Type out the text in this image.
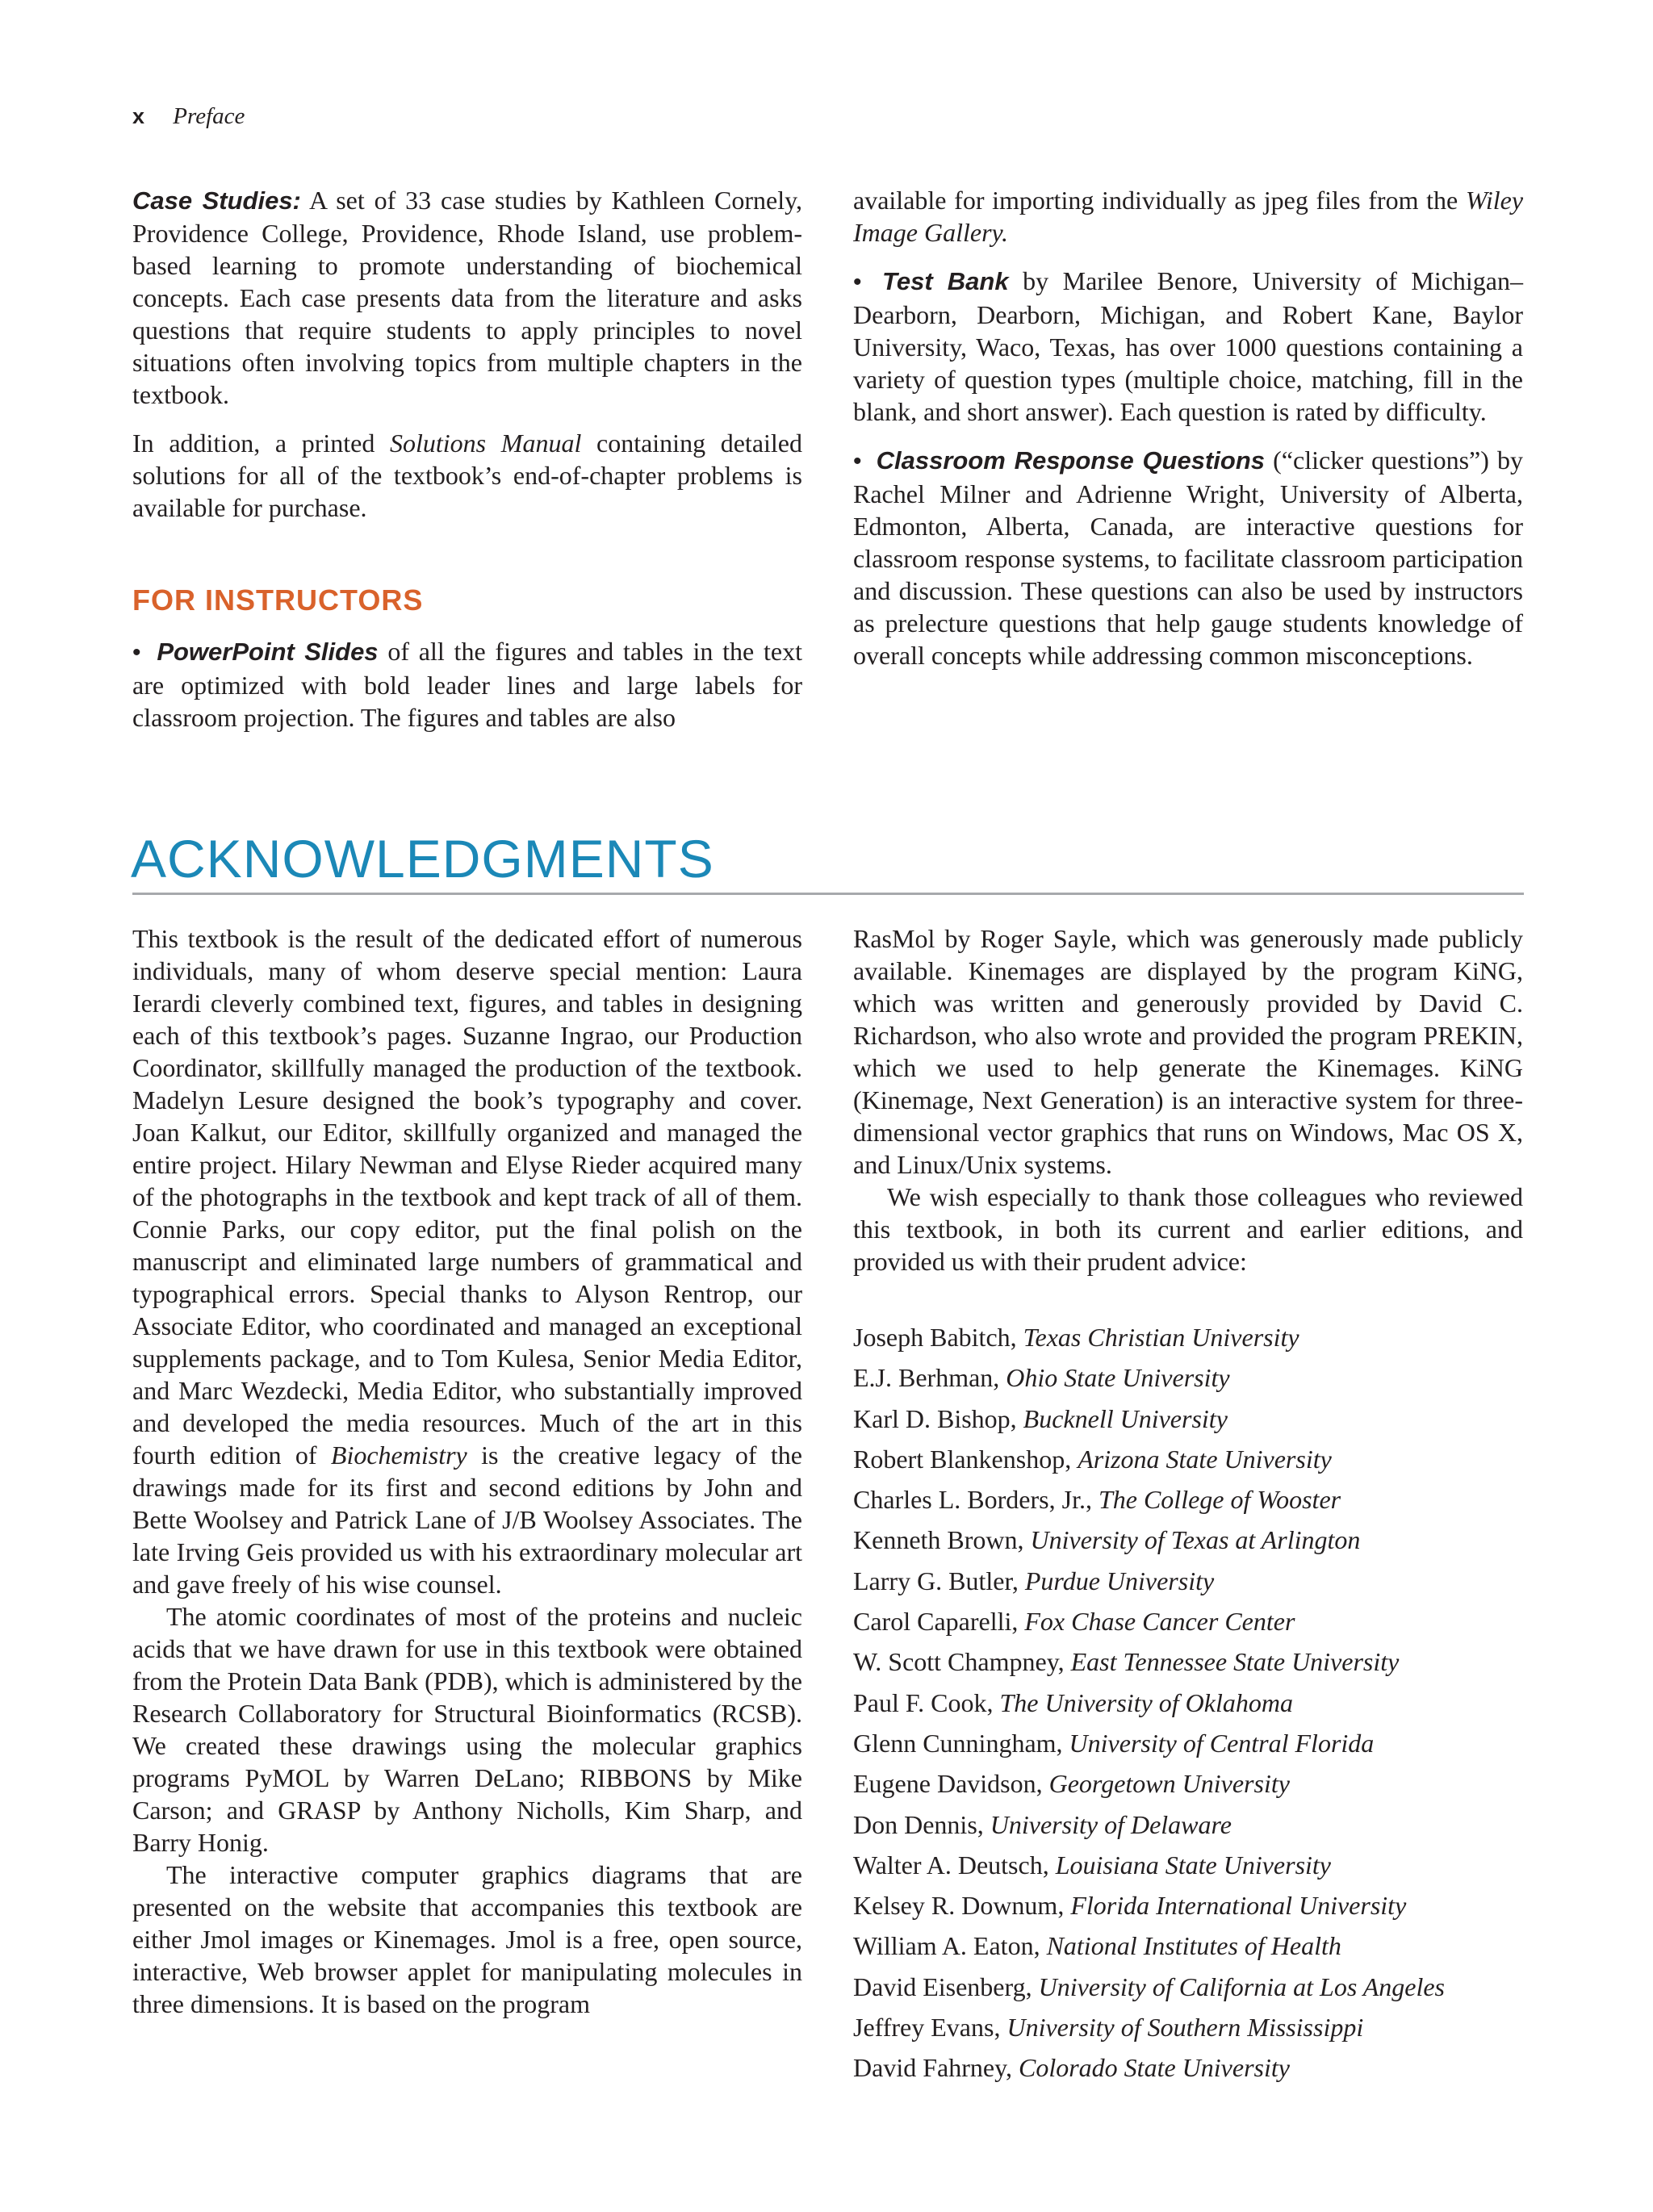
x Preface

Case Studies: A set of 33 case studies by Kathleen Cornely, Providence College, Providence, Rhode Island, use problem-based learning to promote understanding of biochemical concepts. Each case presents data from the literature and asks questions that require students to apply principles to novel situations often involving topics from multiple chapters in the textbook.

In addition, a printed Solutions Manual containing detailed solutions for all of the textbook’s end-of-chapter problems is available for purchase.

FOR INSTRUCTORS

• PowerPoint Slides of all the figures and tables in the text are optimized with bold leader lines and large labels for classroom projection. The figures and tables are also

available for importing individually as jpeg files from the Wiley Image Gallery.

• Test Bank by Marilee Benore, University of Michigan–Dearborn, Dearborn, Michigan, and Robert Kane, Baylor University, Waco, Texas, has over 1000 questions containing a variety of question types (multiple choice, matching, fill in the blank, and short answer). Each question is rated by difficulty.

• Classroom Response Questions (“clicker questions”) by Rachel Milner and Adrienne Wright, University of Alberta, Edmonton, Alberta, Canada, are interactive questions for classroom response systems, to facilitate classroom participation and discussion. These questions can also be used by instructors as prelecture questions that help gauge students knowledge of overall concepts while addressing common misconceptions.

ACKNOWLEDGMENTS

This textbook is the result of the dedicated effort of numerous individuals, many of whom deserve special mention: Laura Ierardi cleverly combined text, figures, and tables in designing each of this textbook’s pages. Suzanne Ingrao, our Production Coordinator, skillfully managed the production of the textbook. Madelyn Lesure designed the book’s typography and cover. Joan Kalkut, our Editor, skillfully organized and managed the entire project. Hilary Newman and Elyse Rieder acquired many of the photographs in the textbook and kept track of all of them. Connie Parks, our copy editor, put the final polish on the manuscript and eliminated large numbers of grammatical and typographical errors. Special thanks to Alyson Rentrop, our Associate Editor, who coordinated and managed an exceptional supplements package, and to Tom Kulesa, Senior Media Editor, and Marc Wezdecki, Media Editor, who substantially improved and developed the media resources. Much of the art in this fourth edition of Biochemistry is the creative legacy of the drawings made for its first and second editions by John and Bette Woolsey and Patrick Lane of J/B Woolsey Associates. The late Irving Geis provided us with his extraordinary molecular art and gave freely of his wise counsel.

The atomic coordinates of most of the proteins and nucleic acids that we have drawn for use in this textbook were obtained from the Protein Data Bank (PDB), which is administered by the Research Collaboratory for Structural Bioinformatics (RCSB). We created these drawings using the molecular graphics programs PyMOL by Warren DeLano; RIBBONS by Mike Carson; and GRASP by Anthony Nicholls, Kim Sharp, and Barry Honig.

The interactive computer graphics diagrams that are presented on the website that accompanies this textbook are either Jmol images or Kinemages. Jmol is a free, open source, interactive, Web browser applet for manipulating molecules in three dimensions. It is based on the program

RasMol by Roger Sayle, which was generously made publicly available. Kinemages are displayed by the program KiNG, which was written and generously provided by David C. Richardson, who also wrote and provided the program PREKIN, which we used to help generate the Kinemages. KiNG (Kinemage, Next Generation) is an interactive system for three-dimensional vector graphics that runs on Windows, Mac OS X, and Linux/Unix systems.

We wish especially to thank those colleagues who reviewed this textbook, in both its current and earlier editions, and provided us with their prudent advice:

Joseph Babitch, Texas Christian University
E.J. Berhman, Ohio State University
Karl D. Bishop, Bucknell University
Robert Blankenshop, Arizona State University
Charles L. Borders, Jr., The College of Wooster
Kenneth Brown, University of Texas at Arlington
Larry G. Butler, Purdue University
Carol Caparelli, Fox Chase Cancer Center
W. Scott Champney, East Tennessee State University
Paul F. Cook, The University of Oklahoma
Glenn Cunningham, University of Central Florida
Eugene Davidson, Georgetown University
Don Dennis, University of Delaware
Walter A. Deutsch, Louisiana State University
Kelsey R. Downum, Florida International University
William A. Eaton, National Institutes of Health
David Eisenberg, University of California at Los Angeles
Jeffrey Evans, University of Southern Mississippi
David Fahrney, Colorado State University
